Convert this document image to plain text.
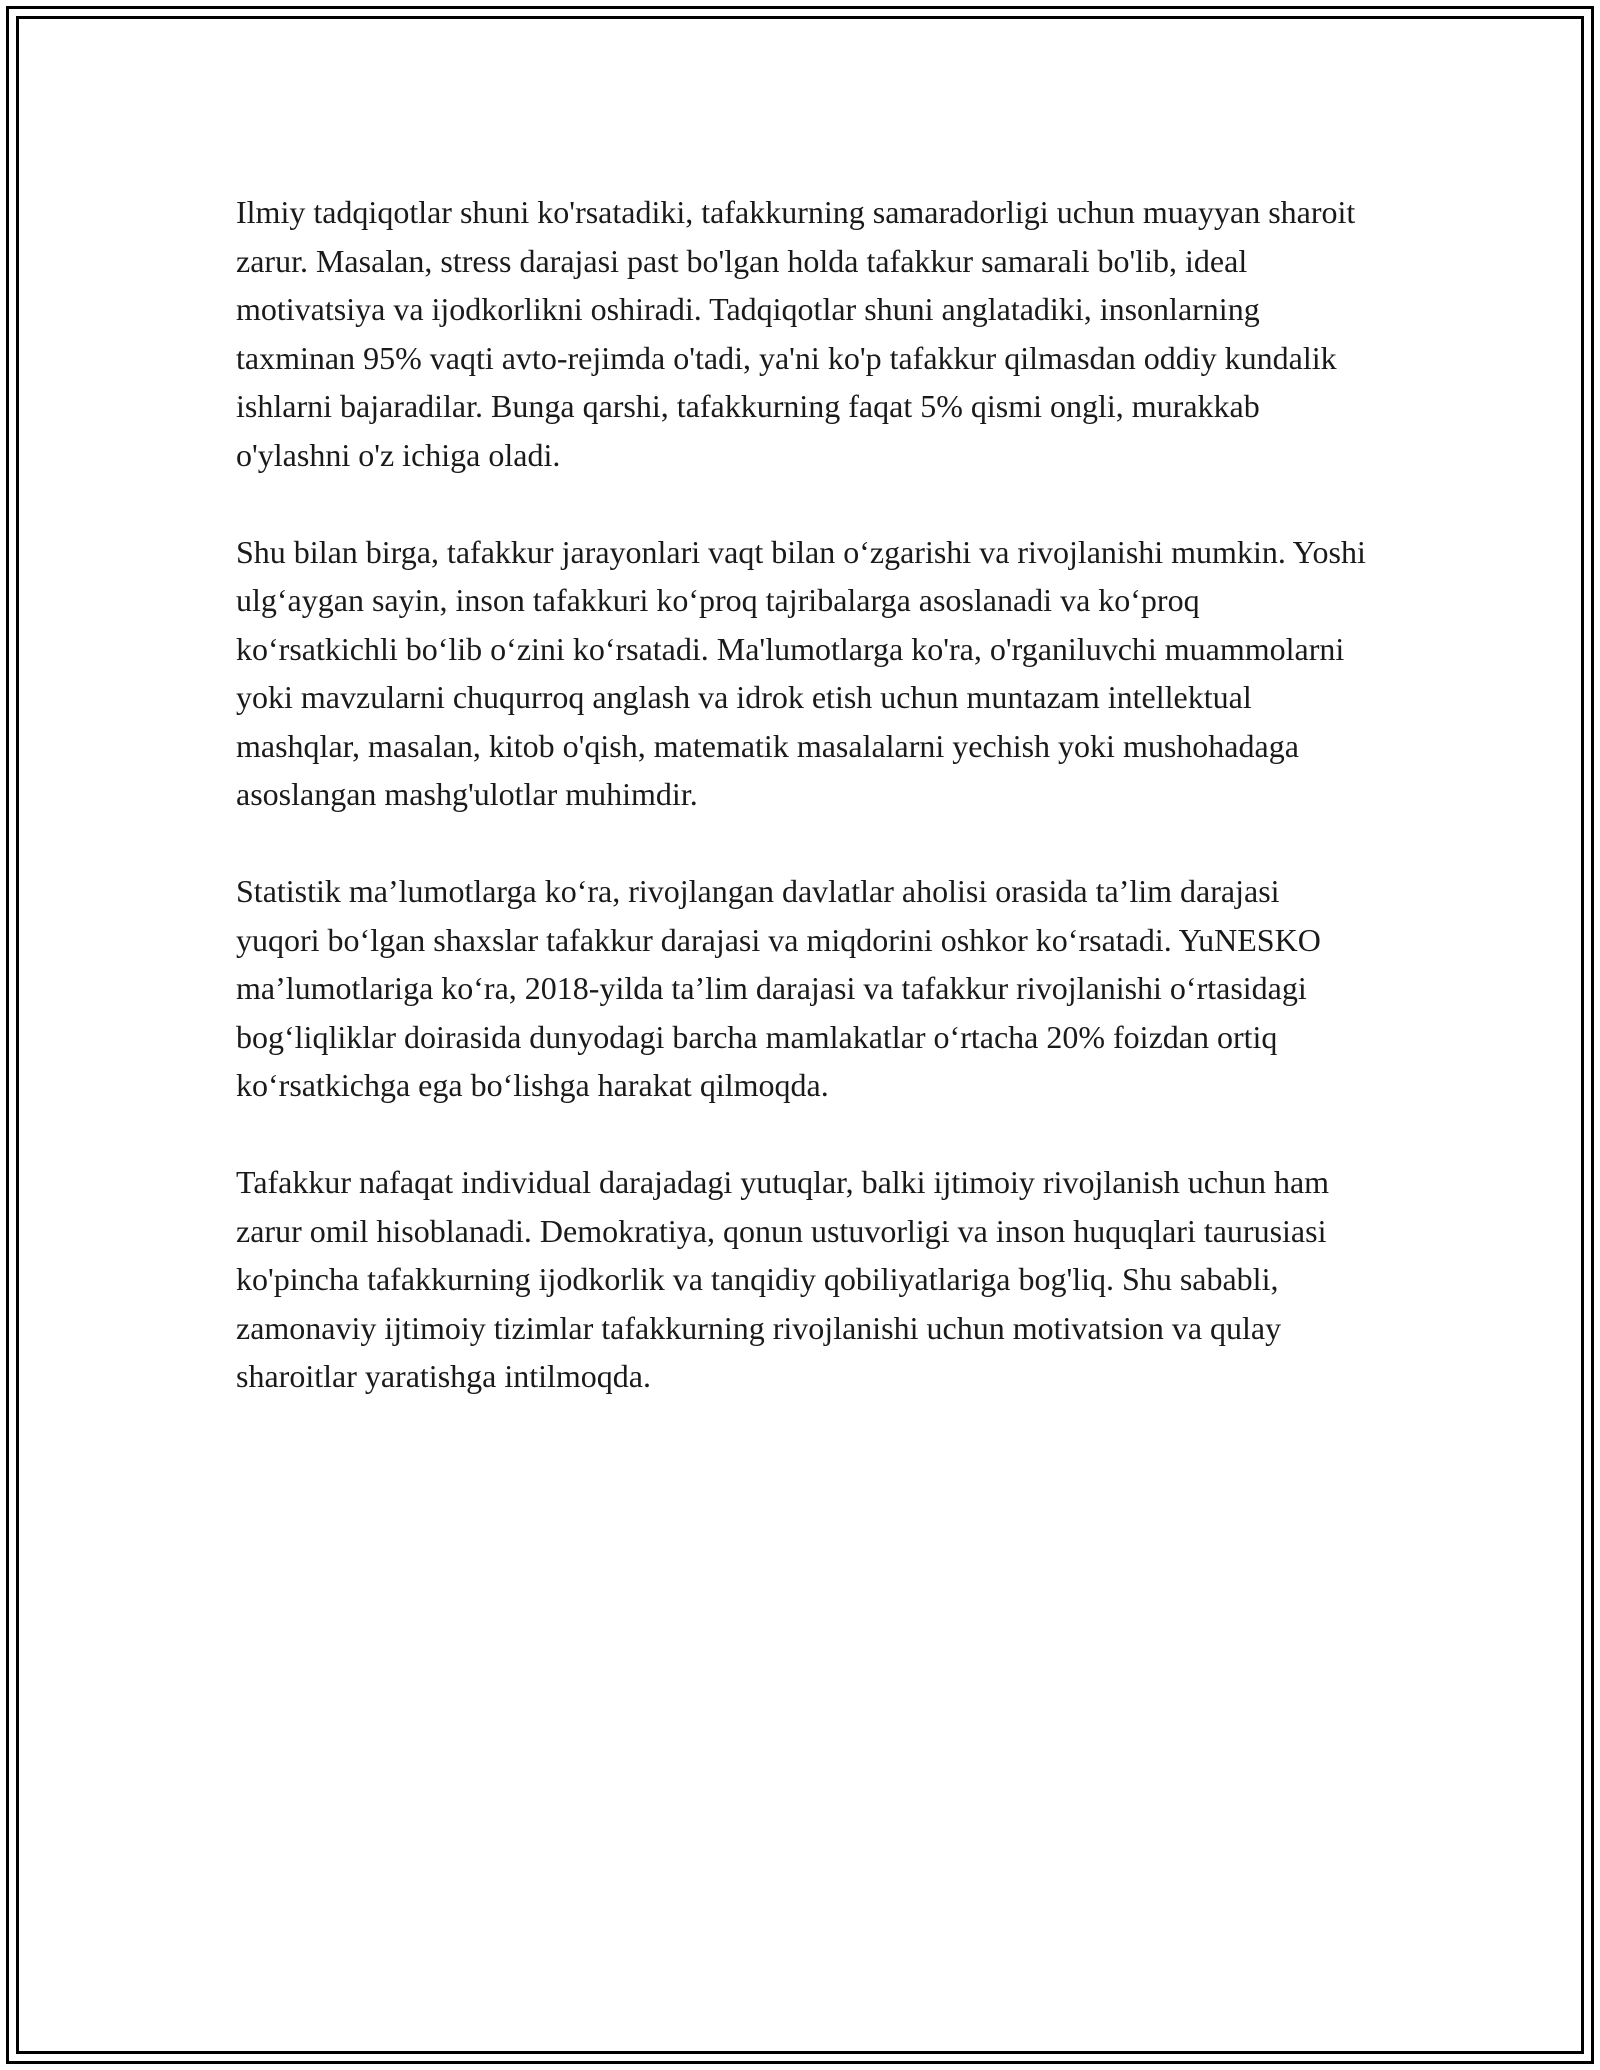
Ilmiy tadqiqotlar shuni ko'rsatadiki, tafakkurning samaradorligi uchun muayyan sharoit zarur. Masalan, stress darajasi past bo'lgan holda tafakkur samarali bo'lib, ideal motivatsiya va ijodkorlikni oshiradi. Tadqiqotlar shuni anglatadiki, insonlarning taxminan 95% vaqti avto-rejimda o'tadi, ya'ni ko'p tafakkur qilmasdan oddiy kundalik ishlarni bajaradilar. Bunga qarshi, tafakkurning faqat 5% qismi ongli, murakkab o'ylashni o'z ichiga oladi.

Shu bilan birga, tafakkur jarayonlari vaqt bilan o‘zgarishi va rivojlanishi mumkin. Yoshi ulg‘aygan sayin, inson tafakkuri ko‘proq tajribalarga asoslanadi va ko‘proq ko‘rsatkichli bo‘lib o‘zini ko‘rsatadi. Ma'lumotlarga ko'ra, o'rganiluvchi muammolarni yoki mavzularni chuqurroq anglash va idrok etish uchun muntazam intellektual mashqlar, masalan, kitob o'qish, matematik masalalarni yechish yoki mushohadaga asoslangan mashg'ulotlar muhimdir.

Statistik ma’lumotlarga ko‘ra, rivojlangan davlatlar aholisi orasida ta’lim darajasi yuqori bo‘lgan shaxslar tafakkur darajasi va miqdorini oshkor ko‘rsatadi. YuNESKO ma’lumotlariga ko‘ra, 2018-yilda ta’lim darajasi va tafakkur rivojlanishi o‘rtasidagi bog‘liqliklar doirasida dunyodagi barcha mamlakatlar o‘rtacha 20% foizdan ortiq ko‘rsatkichga ega bo‘lishga harakat qilmoqda.

Tafakkur nafaqat individual darajadagi yutuqlar, balki ijtimoiy rivojlanish uchun ham zarur omil hisoblanadi. Demokratiya, qonun ustuvorligi va inson huquqlari taurusiasi ko'pincha tafakkurning ijodkorlik va tanqidiy qobiliyatlariga bog'liq. Shu sababli, zamonaviy ijtimoiy tizimlar tafakkurning rivojlanishi uchun motivatsion va qulay sharoitlar yaratishga intilmoqda.
